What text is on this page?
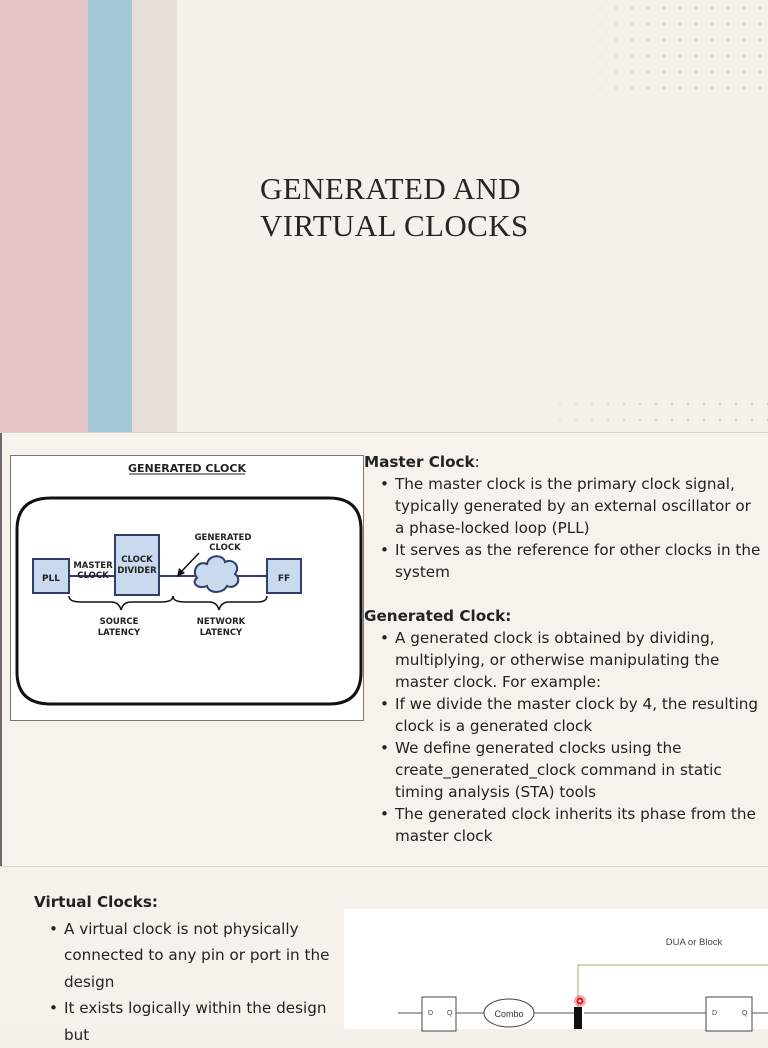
GENERATED AND
VIRTUAL CLOCKS
GENERATED CLOCK
PLL
MASTER
CLOCK
CLOCK
DIVIDER
GENERATED
CLOCK
FF
SOURCE
LATENCY
NETWORK
LATENCY

Master Clock:

• The master clock is the primary clock signal, typically generated by an external oscillator or a phase-locked loop (PLL)
• It serves as the reference for other clocks in the system

Generated Clock:

• A generated clock is obtained by dividing, multiplying, or otherwise manipulating the master clock. For example:
• If we divide the master clock by 4, the resulting clock is a generated clock
• We define generated clocks using the create_generated_clock command in static timing analysis (STA) tools
• The generated clock inherits its phase from the master clock

Virtual Clocks:

• A virtual clock is not physically connected to any pin or port in the design
• It exists logically within the design but
DUA or Block
D Q	Combo	D	Q
